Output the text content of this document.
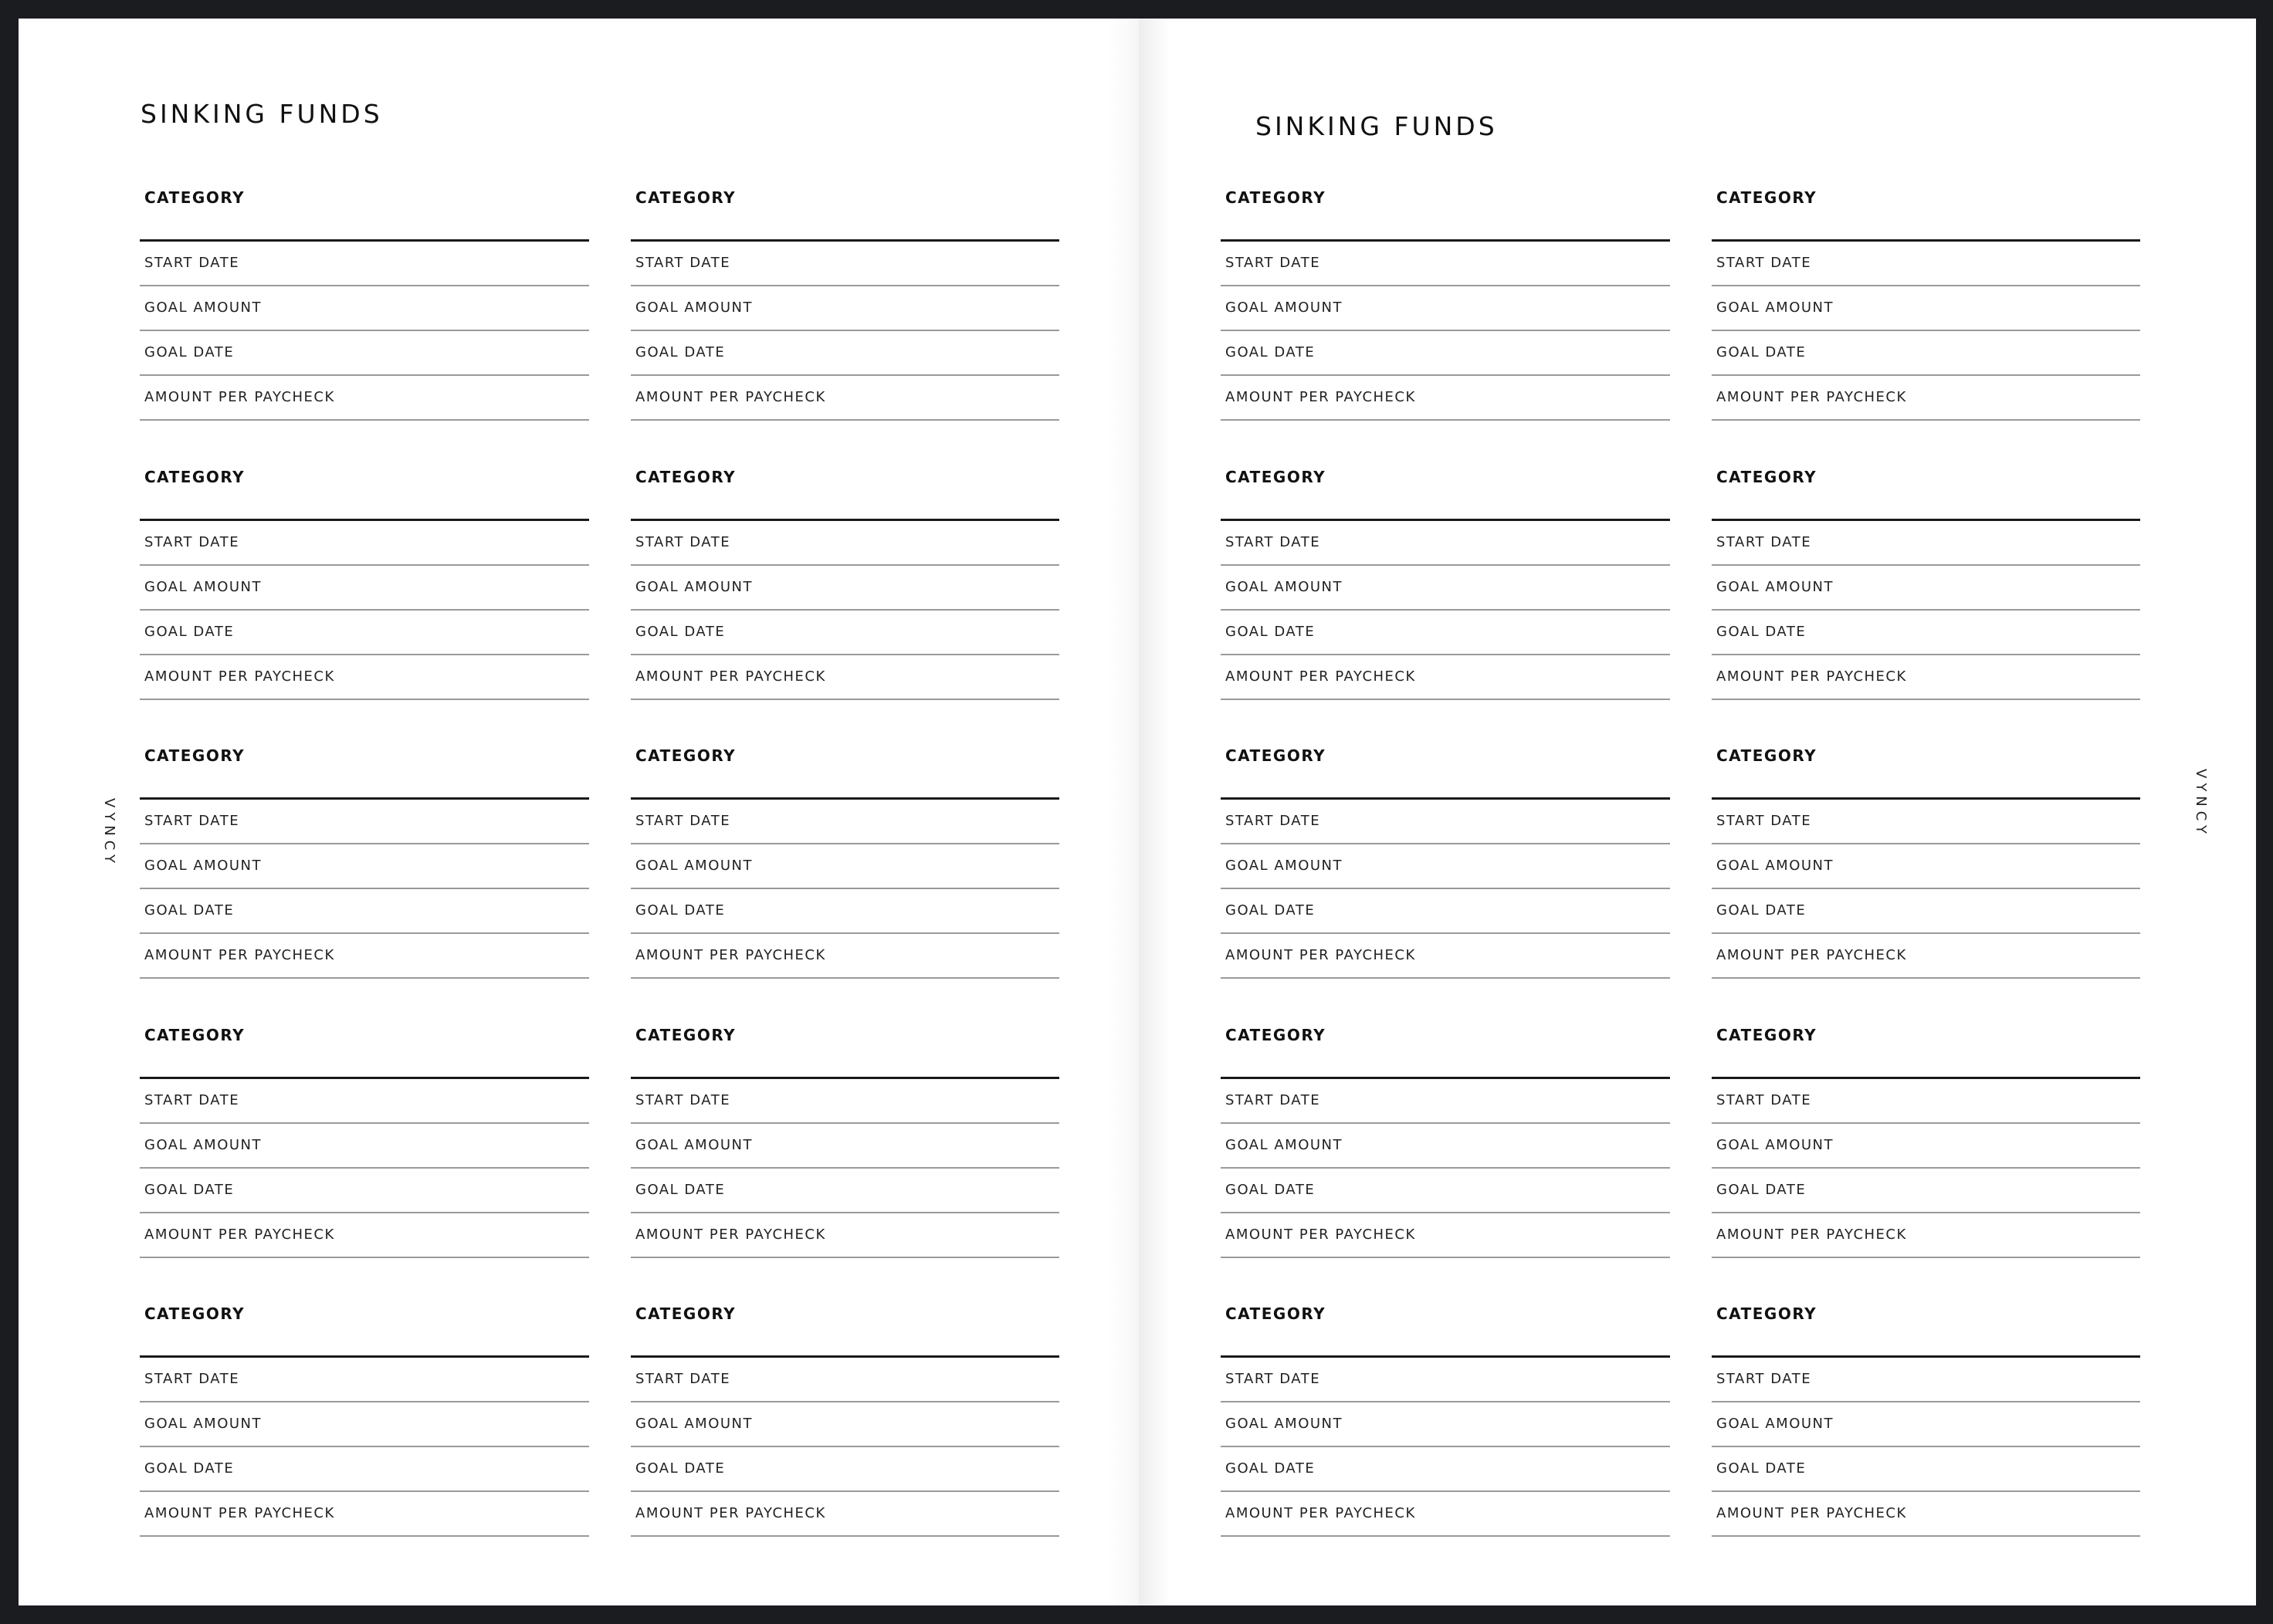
SINKING FUNDS
VYNCY
CATEGORY
START DATE
GOAL AMOUNT
GOAL DATE
AMOUNT PER PAYCHECK
CATEGORY
START DATE
GOAL AMOUNT
GOAL DATE
AMOUNT PER PAYCHECK
CATEGORY
START DATE
GOAL AMOUNT
GOAL DATE
AMOUNT PER PAYCHECK
CATEGORY
START DATE
GOAL AMOUNT
GOAL DATE
AMOUNT PER PAYCHECK
CATEGORY
START DATE
GOAL AMOUNT
GOAL DATE
AMOUNT PER PAYCHECK
CATEGORY
START DATE
GOAL AMOUNT
GOAL DATE
AMOUNT PER PAYCHECK
CATEGORY
START DATE
GOAL AMOUNT
GOAL DATE
AMOUNT PER PAYCHECK
CATEGORY
START DATE
GOAL AMOUNT
GOAL DATE
AMOUNT PER PAYCHECK
CATEGORY
START DATE
GOAL AMOUNT
GOAL DATE
AMOUNT PER PAYCHECK
CATEGORY
START DATE
GOAL AMOUNT
GOAL DATE
AMOUNT PER PAYCHECK
SINKING FUNDS
VYNCY
CATEGORY
START DATE
GOAL AMOUNT
GOAL DATE
AMOUNT PER PAYCHECK
CATEGORY
START DATE
GOAL AMOUNT
GOAL DATE
AMOUNT PER PAYCHECK
CATEGORY
START DATE
GOAL AMOUNT
GOAL DATE
AMOUNT PER PAYCHECK
CATEGORY
START DATE
GOAL AMOUNT
GOAL DATE
AMOUNT PER PAYCHECK
CATEGORY
START DATE
GOAL AMOUNT
GOAL DATE
AMOUNT PER PAYCHECK
CATEGORY
START DATE
GOAL AMOUNT
GOAL DATE
AMOUNT PER PAYCHECK
CATEGORY
START DATE
GOAL AMOUNT
GOAL DATE
AMOUNT PER PAYCHECK
CATEGORY
START DATE
GOAL AMOUNT
GOAL DATE
AMOUNT PER PAYCHECK
CATEGORY
START DATE
GOAL AMOUNT
GOAL DATE
AMOUNT PER PAYCHECK
CATEGORY
START DATE
GOAL AMOUNT
GOAL DATE
AMOUNT PER PAYCHECK
